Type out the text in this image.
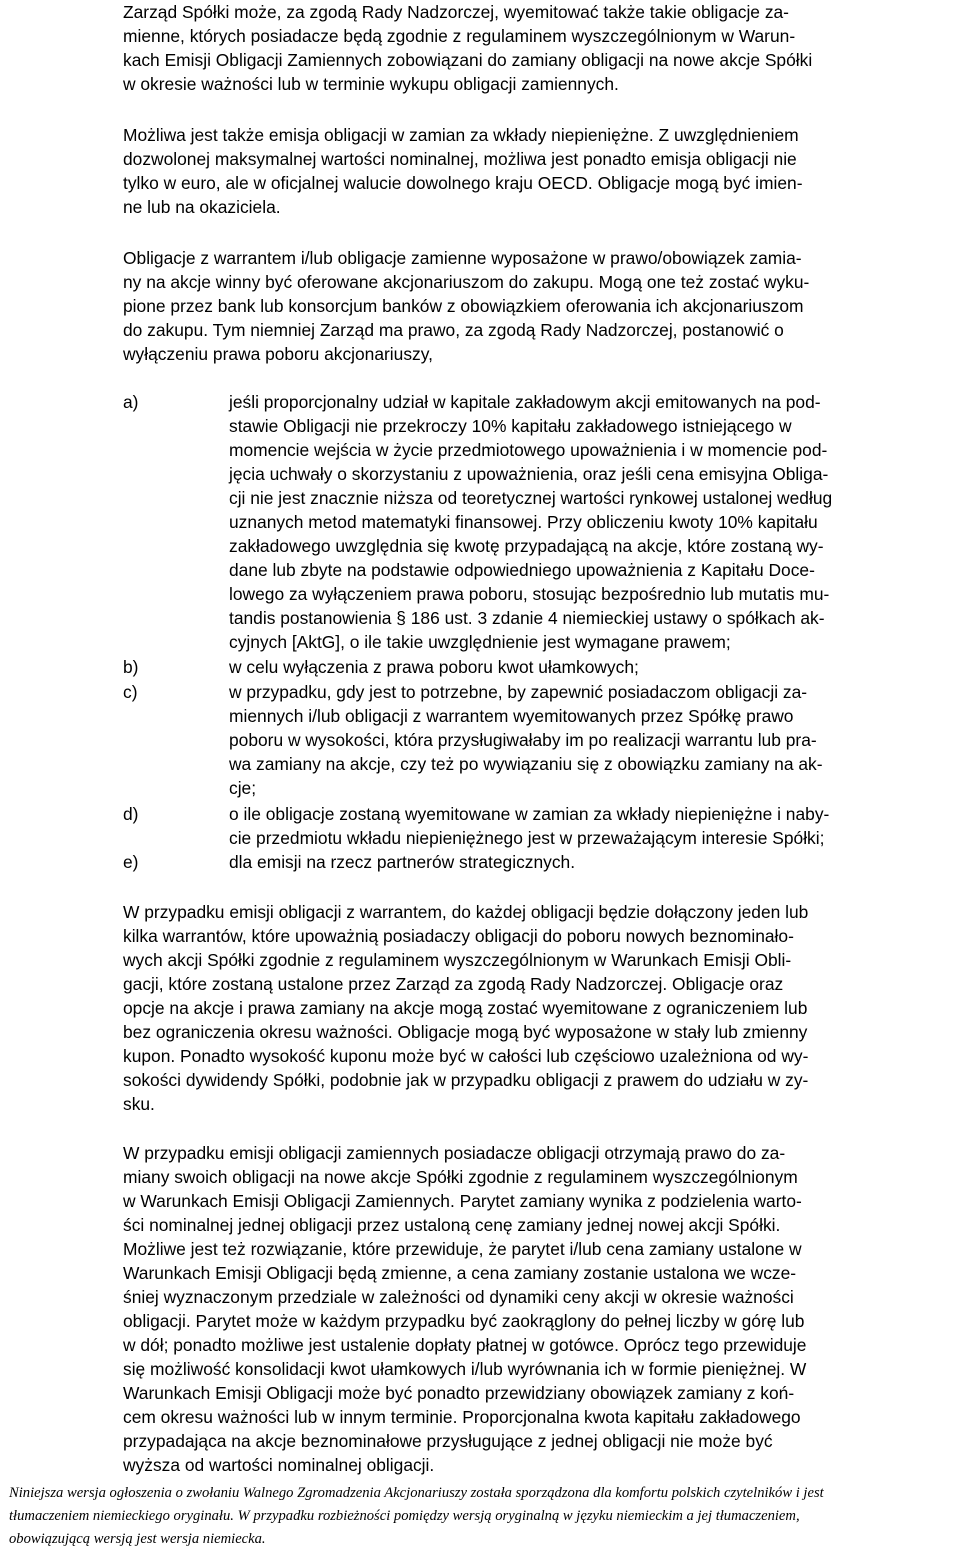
Zarząd Spółki może, za zgodą Rady Nadzorczej, wyemitować także takie obligacje za-
mienne, których posiadacze będą zgodnie z regulaminem wyszczególnionym w Warun-
kach Emisji Obligacji Zamiennych zobowiązani do zamiany obligacji na nowe akcje Spółki
w okresie ważności lub w terminie wykupu obligacji zamiennych.
Możliwa jest także emisja obligacji w zamian za wkłady niepieniężne. Z uwzględnieniem
dozwolonej maksymalnej wartości nominalnej, możliwa jest ponadto emisja obligacji nie
tylko w euro, ale w oficjalnej walucie dowolnego kraju OECD. Obligacje mogą być imien-
ne lub na okaziciela.
Obligacje z warrantem i/lub obligacje zamienne wyposażone w prawo/obowiązek zamia-
ny na akcje winny być oferowane akcjonariuszom do zakupu. Mogą one też zostać wyku-
pione przez bank lub konsorcjum banków z obowiązkiem oferowania ich akcjonariuszom
do zakupu. Tym niemniej Zarząd ma prawo, za zgodą Rady Nadzorczej, postanowić o
wyłączeniu prawa poboru akcjonariuszy,
a)	jeśli proporcjonalny udział w kapitale zakładowym akcji emitowanych na pod-
stawie Obligacji nie przekroczy 10% kapitału zakładowego istniejącego w
momencie wejścia w życie przedmiotowego upoważnienia i w momencie pod-
jęcia uchwały o skorzystaniu z upoważnienia, oraz jeśli cena emisyjna Obliga-
cji nie jest znacznie niższa od teoretycznej wartości rynkowej ustalonej według
uznanych metod matematyki finansowej. Przy obliczeniu kwoty 10% kapitału
zakładowego uwzględnia się kwotę przypadającą na akcje, które zostaną wy-
dane lub zbyte na podstawie odpowiedniego upoważnienia z Kapitału Doce-
lowego za wyłączeniem prawa poboru, stosując bezpośrednio lub mutatis mu-
tandis postanowienia § 186 ust. 3 zdanie 4 niemieckiej ustawy o spółkach ak-
cyjnych [AktG], o ile takie uwzględnienie jest wymagane prawem;
b)	w celu wyłączenia z prawa poboru kwot ułamkowych;
c)	w przypadku, gdy jest to potrzebne, by zapewnić posiadaczom obligacji za-
miennych i/lub obligacji z warrantem wyemitowanych przez Spółkę prawo
poboru w wysokości, która przysługiwałaby im po realizacji warrantu lub pra-
wa zamiany na akcje, czy też po wywiązaniu się z obowiązku zamiany na ak-
cje;
d)	o ile obligacje zostaną wyemitowane w zamian za wkłady niepieniężne i naby-
cie przedmiotu wkładu niepieniężnego jest w przeważającym interesie Spółki;
e)	dla emisji na rzecz partnerów strategicznych.
W przypadku emisji obligacji z warrantem, do każdej obligacji będzie dołączony jeden lub
kilka warrantów, które upoważnią posiadaczy obligacji do poboru nowych beznominało-
wych akcji Spółki zgodnie z regulaminem wyszczególnionym w Warunkach Emisji Obli-
gacji, które zostaną ustalone przez Zarząd za zgodą Rady Nadzorczej. Obligacje oraz
opcje na akcje i prawa zamiany na akcje mogą zostać wyemitowane z ograniczeniem lub
bez ograniczenia okresu ważności. Obligacje mogą być wyposażone w stały lub zmienny
kupon. Ponadto wysokość kuponu może być w całości lub częściowo uzależniona od wy-
sokości dywidendy Spółki, podobnie jak w przypadku obligacji z prawem do udziału w zy-
sku.
W przypadku emisji obligacji zamiennych posiadacze obligacji otrzymają prawo do za-
miany swoich obligacji na nowe akcje Spółki zgodnie z regulaminem wyszczególnionym
w Warunkach Emisji Obligacji Zamiennych. Parytet zamiany wynika z podzielenia warto-
ści nominalnej jednej obligacji przez ustaloną cenę zamiany jednej nowej akcji Spółki.
Możliwe jest też rozwiązanie, które przewiduje, że parytet i/lub cena zamiany ustalone w
Warunkach Emisji Obligacji będą zmienne, a cena zamiany zostanie ustalona we wcze-
śniej wyznaczonym przedziale w zależności od dynamiki ceny akcji w okresie ważności
obligacji. Parytet może w każdym przypadku być zaokrąglony do pełnej liczby w górę lub
w dół; ponadto możliwe jest ustalenie dopłaty płatnej w gotówce. Oprócz tego przewiduje
się możliwość konsolidacji kwot ułamkowych i/lub wyrównania ich w formie pieniężnej. W
Warunkach Emisji Obligacji może być ponadto przewidziany obowiązek zamiany z koń-
cem okresu ważności lub w innym terminie. Proporcjonalna kwota kapitału zakładowego
przypadająca na akcje beznominałowe przysługujące z jednej obligacji nie może być
wyższa od wartości nominalnej obligacji.
Niniejsza wersja ogłoszenia o zwołaniu Walnego Zgromadzenia Akcjonariuszy została sporządzona dla komfortu polskich czytelników i jest
tłumaczeniem niemieckiego oryginału. W przypadku rozbieżności pomiędzy wersją oryginalną w języku niemieckim a jej tłumaczeniem,
obowiązującą wersją jest wersja niemiecka.
